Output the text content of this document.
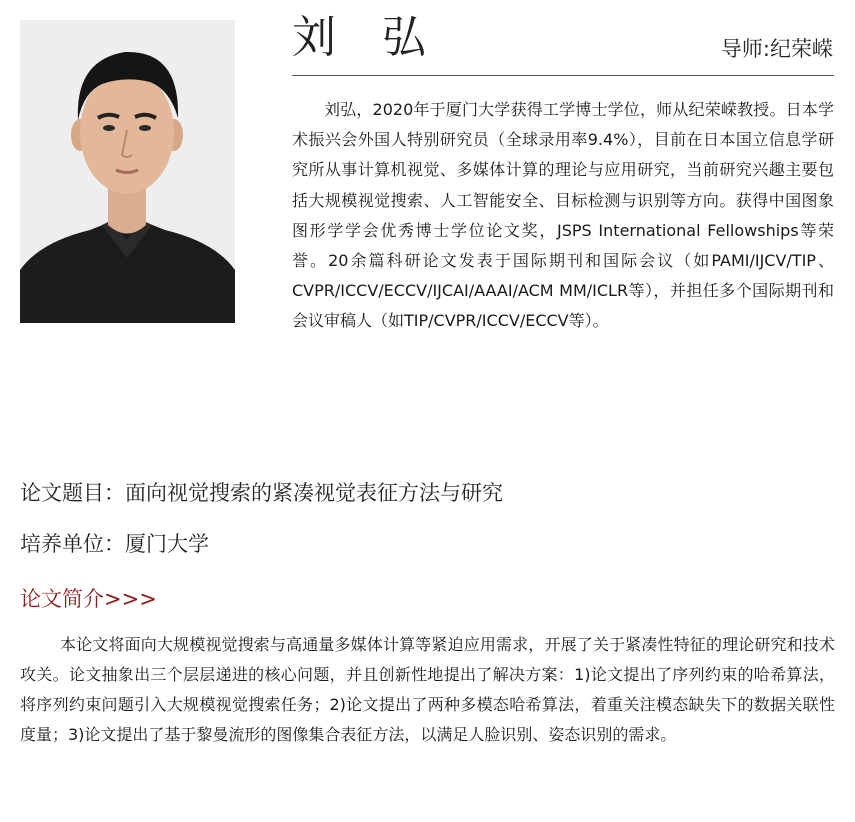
刘弘	导师:纪荣嵘
刘弘，2020年于厦门大学获得工学博士学位，师从纪荣嵘教授。日本学术振兴会外国人特别研究员（全球录用率9.4%），目前在日本国立信息学研究所从事计算机视觉、多媒体计算的理论与应用研究，当前研究兴趣主要包括大规模视觉搜索、人工智能安全、目标检测与识别等方向。获得中国图象图形学学会优秀博士学位论文奖，JSPS International Fellowships等荣誉。20余篇科研论文发表于国际期刊和国际会议（如PAMI/IJCV/TIP、CVPR/ICCV/ECCV/IJCAI/AAAI/ACM MM/ICLR等），并担任多个国际期刊和会议审稿人（如TIP/CVPR/ICCV/ECCV等）。
论文题目：面向视觉搜索的紧凑视觉表征方法与研究
培养单位：厦门大学
论文简介>>>
本论文将面向大规模视觉搜索与高通量多媒体计算等紧迫应用需求，开展了关于紧凑性特征的理论研究和技术攻关。论文抽象出三个层层递进的核心问题，并且创新性地提出了解决方案：1)论文提出了序列约束的哈希算法，将序列约束问题引入大规模视觉搜索任务；2)论文提出了两种多模态哈希算法，着重关注模态缺失下的数据关联性度量；3)论文提出了基于黎曼流形的图像集合表征方法，以满足人脸识别、姿态识别的需求。
